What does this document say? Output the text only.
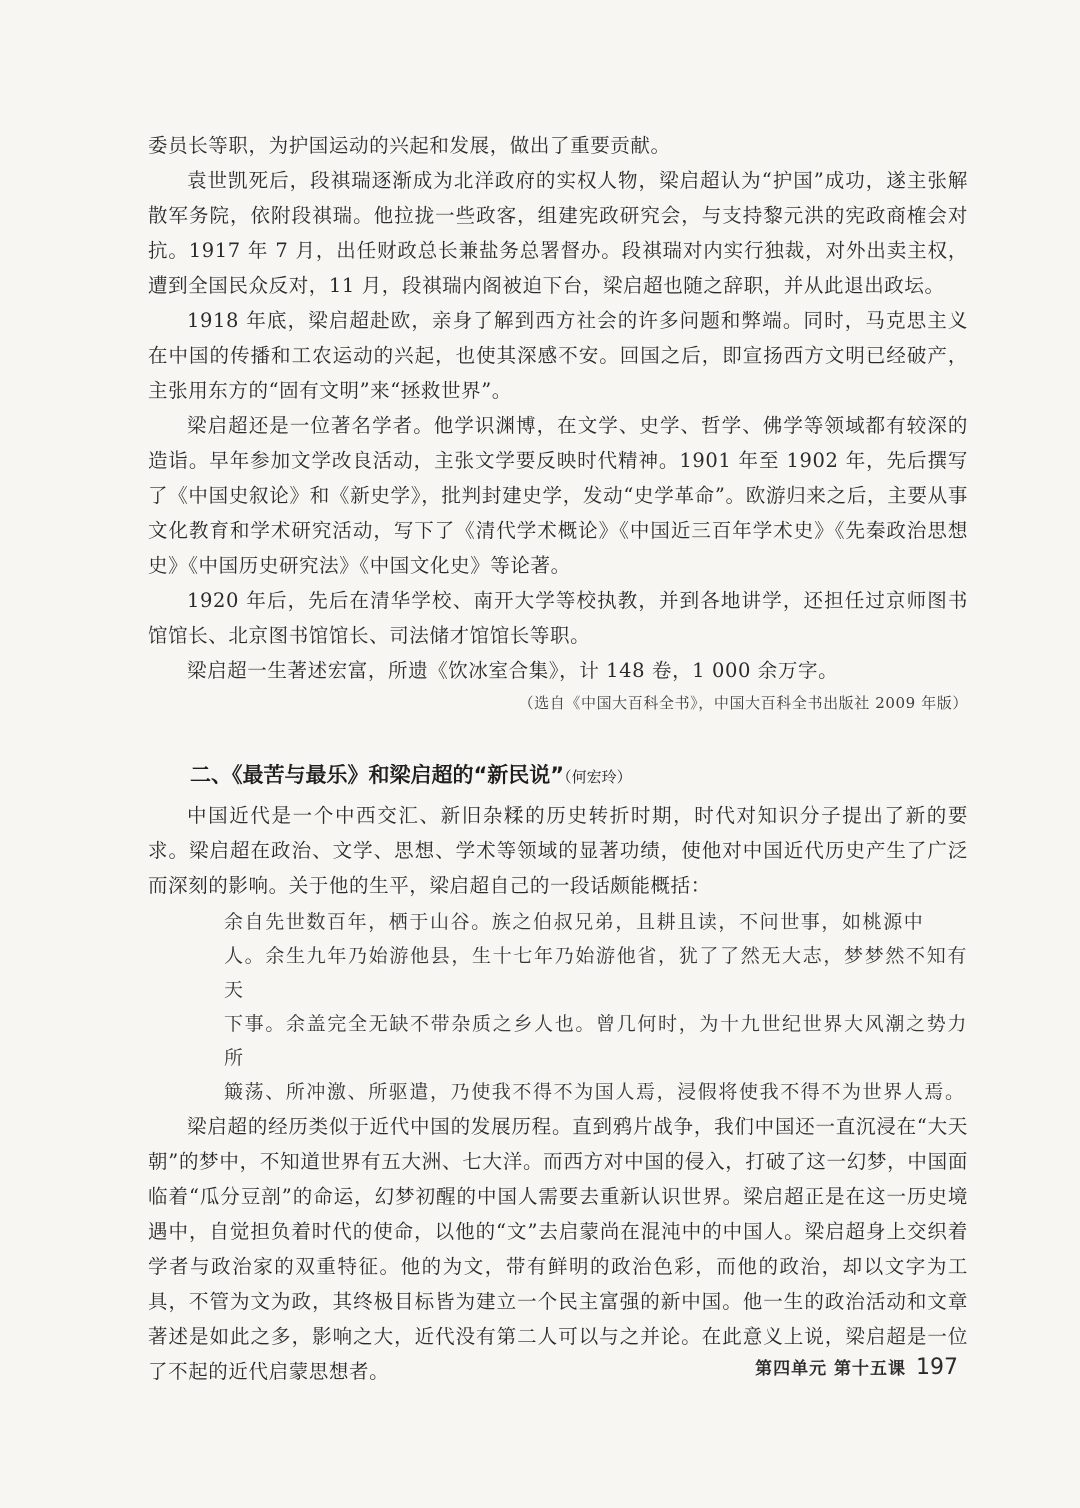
委员长等职，为护国运动的兴起和发展，做出了重要贡献。

袁世凯死后，段祺瑞逐渐成为北洋政府的实权人物，梁启超认为“护国”成功，遂主张解散军务院，依附段祺瑞。他拉拢一些政客，组建宪政研究会，与支持黎元洪的宪政商榷会对抗。1917 年 7 月，出任财政总长兼盐务总署督办。段祺瑞对内实行独裁，对外出卖主权，遭到全国民众反对，11 月，段祺瑞内阁被迫下台，梁启超也随之辞职，并从此退出政坛。

1918 年底，梁启超赴欧，亲身了解到西方社会的许多问题和弊端。同时，马克思主义在中国的传播和工农运动的兴起，也使其深感不安。回国之后，即宣扬西方文明已经破产，主张用东方的“固有文明”来“拯救世界”。

梁启超还是一位著名学者。他学识渊博，在文学、史学、哲学、佛学等领域都有较深的造诣。早年参加文学改良活动，主张文学要反映时代精神。1901 年至 1902 年，先后撰写了《中国史叙论》和《新史学》，批判封建史学，发动“史学革命”。欧游归来之后，主要从事文化教育和学术研究活动，写下了《清代学术概论》《中国近三百年学术史》《先秦政治思想史》《中国历史研究法》《中国文化史》等论著。

1920 年后，先后在清华学校、南开大学等校执教，并到各地讲学，还担任过京师图书馆馆长、北京图书馆馆长、司法储才馆馆长等职。

梁启超一生著述宏富，所遗《饮冰室合集》，计 148 卷，1 000 余万字。

（选自《中国大百科全书》，中国大百科全书出版社 2009 年版）

二、《最苦与最乐》和梁启超的“新民说”（何宏玲）

中国近代是一个中西交汇、新旧杂糅的历史转折时期，时代对知识分子提出了新的要求。梁启超在政治、文学、思想、学术等领域的显著功绩，使他对中国近代历史产生了广泛而深刻的影响。关于他的生平，梁启超自己的一段话颇能概括：

余自先世数百年，栖于山谷。族之伯叔兄弟，且耕且读，不问世事，如桃源中
人。余生九年乃始游他县，生十七年乃始游他省，犹了了然无大志，梦梦然不知有天
下事。余盖完全无缺不带杂质之乡人也。曾几何时，为十九世纪世界大风潮之势力所
簸荡、所冲激、所驱遣，乃使我不得不为国人焉，浸假将使我不得不为世界人焉。

梁启超的经历类似于近代中国的发展历程。直到鸦片战争，我们中国还一直沉浸在“大天朝”的梦中，不知道世界有五大洲、七大洋。而西方对中国的侵入，打破了这一幻梦，中国面临着“瓜分豆剖”的命运，幻梦初醒的中国人需要去重新认识世界。梁启超正是在这一历史境遇中，自觉担负着时代的使命，以他的“文”去启蒙尚在混沌中的中国人。梁启超身上交织着学者与政治家的双重特征。他的为文，带有鲜明的政治色彩，而他的政治，却以文字为工具，不管为文为政，其终极目标皆为建立一个民主富强的新中国。他一生的政治活动和文章著述是如此之多，影响之大，近代没有第二人可以与之并论。在此意义上说，梁启超是一位了不起的近代启蒙思想者。	第四单元 第十五课 197
